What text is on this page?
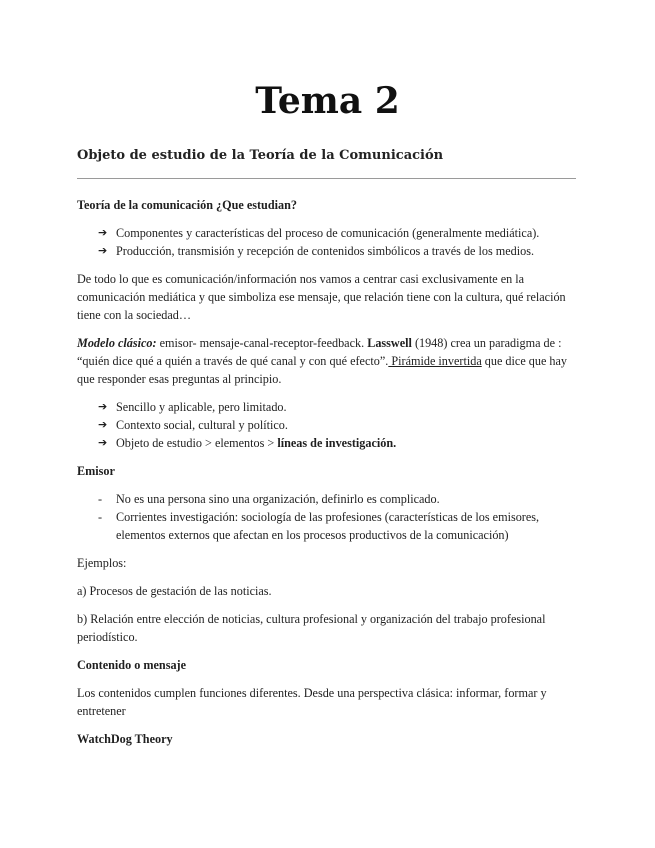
Tema 2
Objeto de estudio de la Teoría de la Comunicación
Teoría de la comunicación ¿Que estudian?
➔ Componentes y características del proceso de comunicación (generalmente mediática).
➔ Producción, transmisión y recepción de contenidos simbólicos a través de los medios.

De todo lo que es comunicación/información nos vamos a centrar casi exclusivamente en la comunicación mediática y que simboliza ese mensaje, que relación tiene con la cultura, qué relación tiene con la sociedad…

Modelo clásico: emisor- mensaje-canal-receptor-feedback. Lasswell (1948) crea un paradigma de : “quién dice qué a quién a través de qué canal y con qué efecto”. Pirámide invertida que dice que hay que responder esas preguntas al principio.

➔ Sencillo y aplicable, pero limitado.
➔ Contexto social, cultural y político.
➔ Objeto de estudio > elementos > líneas de investigación.
Emisor
- No es una persona sino una organización, definirlo es complicado.
- Corrientes investigación: sociología de las profesiones (características de los emisores, elementos externos que afectan en los procesos productivos de la comunicación)

Ejemplos:

a) Procesos de gestación de las noticias.

b) Relación entre elección de noticias, cultura profesional y organización del trabajo profesional periodístico.

Contenido o mensaje

Los contenidos cumplen funciones diferentes. Desde una perspectiva clásica: informar, formar y entretener

WatchDog Theory
